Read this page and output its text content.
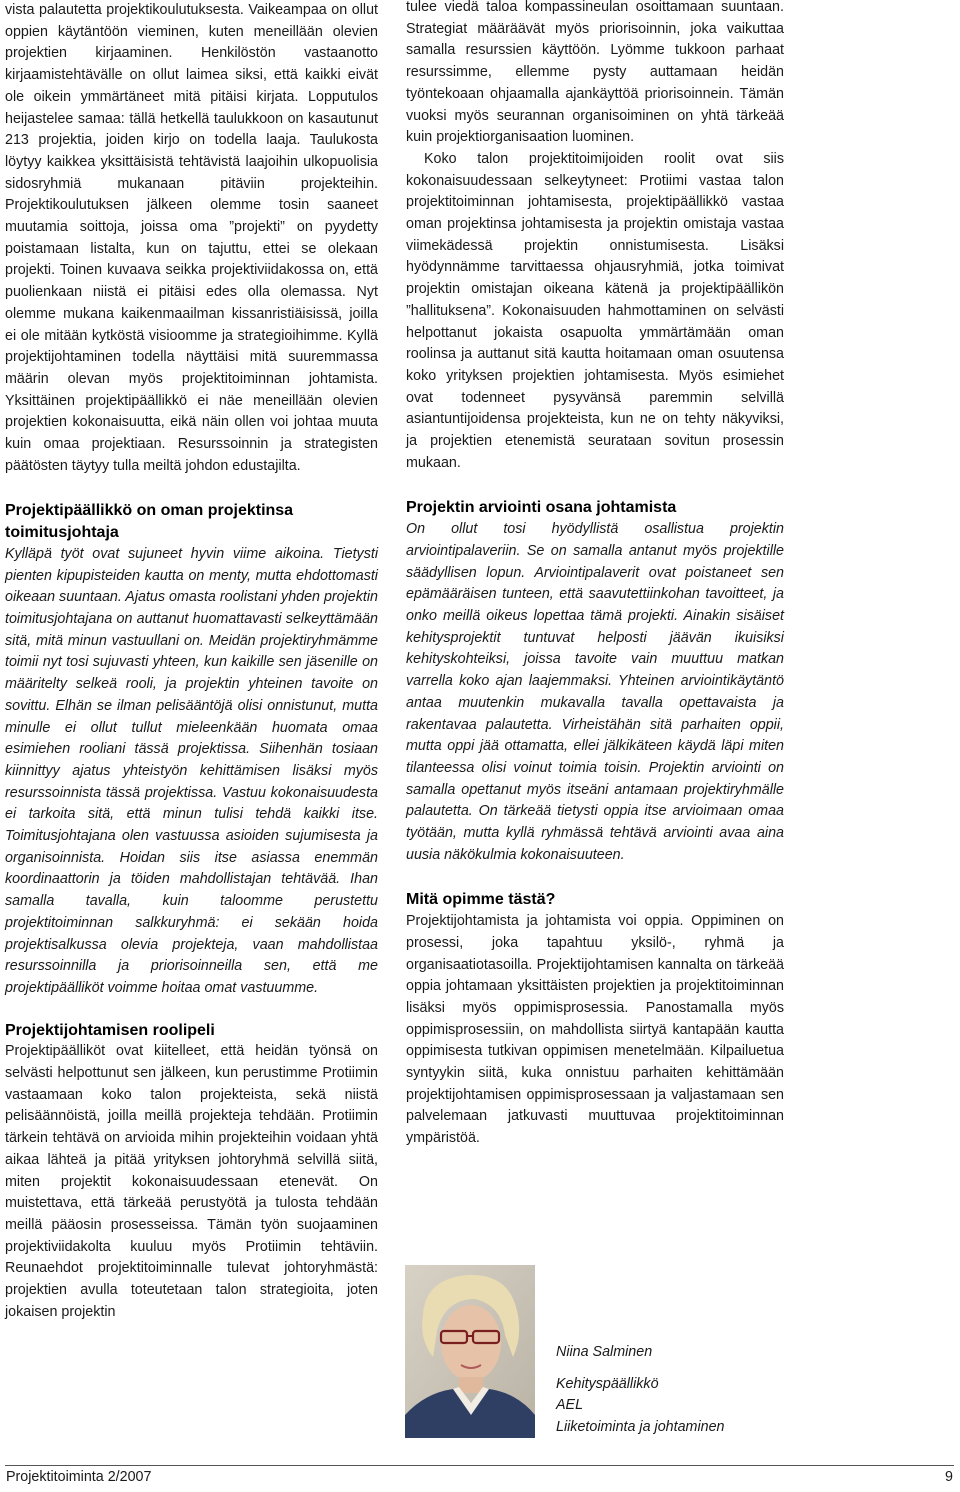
vista palautetta projektikoulutuksesta. Vaikeampaa on ollut oppien käytäntöön vieminen, kuten meneillään olevien projektien kirjaaminen. Henkilöstön vastaanotto kirjaamistehtävälle on ollut laimea siksi, että kaikki eivät ole oikein ymmärtäneet mitä pitäisi kirjata. Lopputulos heijastelee samaa: tällä hetkellä taulukkoon on kasautunut 213 projektia, joiden kirjo on todella laaja. Taulukosta löytyy kaikkea yksittäisistä tehtävistä laajoihin ulkopuolisia sidosryhmiä mukanaan pitäviin projekteihin. Projektikoulutuksen jälkeen olemme tosin saaneet muutamia soittoja, joissa oma ”projekti” on pyydetty poistamaan listalta, kun on tajuttu, ettei se olekaan projekti. Toinen kuvaava seikka projektiviidakossa on, että puolienkaan niistä ei pitäisi edes olla olemassa. Nyt olemme mukana kaikenmaailman kissanristiäisissä, joilla ei ole mitään kytköstä visioomme ja strategioihimme. Kyllä projektijohtaminen todella näyttäisi mitä suuremmassa määrin olevan myös projektitoiminnan johtamista. Yksittäinen projektipäällikkö ei näe meneillään olevien projektien kokonaisuutta, eikä näin ollen voi johtaa muuta kuin omaa projektiaan. Resurssoinnin ja strategisten päätösten täytyy tulla meiltä johdon edustajilta.

Projektipäällikkö on oman projektinsa toimitusjohtaja

Kylläpä työt ovat sujuneet hyvin viime aikoina. Tietysti pienten kipupisteiden kautta on menty, mutta ehdottomasti oikeaan suuntaan. Ajatus omasta roolistani yhden projektin toimitusjohtajana on auttanut huomattavasti selkeyttämään sitä, mitä minun vastuullani on. Meidän projektiryhmämme toimii nyt tosi sujuvasti yhteen, kun kaikille sen jäsenille on määritelty selkeä rooli, ja projektin yhteinen tavoite on sovittu. Elhän se ilman pelisääntöjä olisi onnistunut, mutta minulle ei ollut tullut mieleenkään huomata omaa esimiehen rooliani tässä projektissa. Siihenhän tosiaan kiinnittyy ajatus yhteistyön kehittämisen lisäksi myös resurssoinnista tässä projektissa. Vastuu kokonaisuudesta ei tarkoita sitä, että minun tulisi tehdä kaikki itse. Toimitusjohtajana olen vastuussa asioiden sujumisesta ja organisoinnista. Hoidan siis itse asiassa enemmän koordinaattorin ja töiden mahdollistajan tehtävää. Ihan samalla tavalla, kuin taloomme perustettu projektitoiminnan salkkuryhmä: ei sekään hoida projektisalkussa olevia projekteja, vaan mahdollistaa resurssoinnilla ja priorisoinneilla sen, että me projektipäälliköt voimme hoitaa omat vastuumme.

Projektijohtamisen roolipeli

Projektipäälliköt ovat kiitelleet, että heidän työnsä on selvästi helpottunut sen jälkeen, kun perustimme Protiimin vastaamaan koko talon projekteista, sekä niistä pelisäännöistä, joilla meillä projekteja tehdään. Protiimin tärkein tehtävä on arvioida mihin projekteihin voidaan yhtä aikaa lähteä ja pitää yrityksen johtoryhmä selvillä siitä, miten projektit kokonaisuudessaan etenevät. On muistettava, että tärkeää perustyötä ja tulosta tehdään meillä pääosin prosesseissa. Tämän työn suojaaminen projektiviidakolta kuuluu myös Protiimin tehtäviin. Reunaehdot projektitoiminnalle tulevat johtoryhmästä: projektien avulla toteutetaan talon strategioita, joten jokaisen projektin

tulee viedä taloa kompassineulan osoittamaan suuntaan. Strategiat määräävät myös priorisoinnin, joka vaikuttaa samalla resurssien käyttöön. Lyömme tukkoon parhaat resurssimme, ellemme pysty auttamaan heidän työntekoaan ohjaamalla ajankäyttöä priorisoinnein. Tämän vuoksi myös seurannan organisoiminen on yhtä tärkeää kuin projektiorganisaation luominen.

Koko talon projektitoimijoiden roolit ovat siis kokonaisuudessaan selkeytyneet: Protiimi vastaa talon projektitoiminnan johtamisesta, projektipäällikkö vastaa oman projektinsa johtamisesta ja projektin omistaja vastaa viimekädessä projektin onnistumisesta. Lisäksi hyödynnämme tarvittaessa ohjausryhmiä, jotka toimivat projektin omistajan oikeana kätenä ja projektipäällikön ”hallituksena”. Kokonaisuuden hahmottaminen on selvästi helpottanut jokaista osapuolta ymmärtämään oman roolinsa ja auttanut sitä kautta hoitamaan oman osuutensa koko yrityksen projektien johtamisesta. Myös esimiehet ovat todenneet pysyvänsä paremmin selvillä asiantuntijoidensa projekteista, kun ne on tehty näkyviksi, ja projektien etenemistä seurataan sovitun prosessin mukaan.

Projektin arviointi osana johtamista

On ollut tosi hyödyllistä osallistua projektin arviointipalaveriin. Se on samalla antanut myös projektille säädyllisen lopun. Arviointipalaverit ovat poistaneet sen epämääräisen tunteen, että saavutettiinkohan tavoitteet, ja onko meillä oikeus lopettaa tämä projekti. Ainakin sisäiset kehitysprojektit tuntuvat helposti jäävän ikuisiksi kehityskohteiksi, joissa tavoite vain muuttuu matkan varrella koko ajan laajemmaksi. Yhteinen arviointikäytäntö antaa muutenkin mukavalla tavalla opettavaista ja rakentavaa palautetta. Virheistähän sitä parhaiten oppii, mutta oppi jää ottamatta, ellei jälkikäteen käydä läpi miten tilanteessa olisi voinut toimia toisin. Projektin arviointi on samalla opettanut myös itseäni antamaan projektiryhmälle palautetta. On tärkeää tietysti oppia itse arvioimaan omaa työtään, mutta kyllä ryhmässä tehtävä arviointi avaa aina uusia näkökulmia kokonaisuuteen.

Mitä opimme tästä?

Projektijohtamista ja johtamista voi oppia. Oppiminen on prosessi, joka tapahtuu yksilö-, ryhmä ja organisaatiotasoilla. Projektijohtamisen kannalta on tärkeää oppia johtamaan yksittäisten projektien ja projektitoiminnan lisäksi myös oppimisprosessia. Panostamalla myös oppimisprosessiin, on mahdollista siirtyä kantapään kautta oppimisesta tutkivan oppimisen menetelmään. Kilpailuetua syntyykin siitä, kuka onnistuu parhaiten kehittämään projektijohtamisen oppimisprosessaan ja valjastamaan sen palvelemaan jatkuvasti muuttuvaa projektitoiminnan ympäristöä.

Niina Salminen
Kehityspäällikkö
AEL
Liiketoiminta ja johtaminen
Projektitoiminta 2/2007	9
